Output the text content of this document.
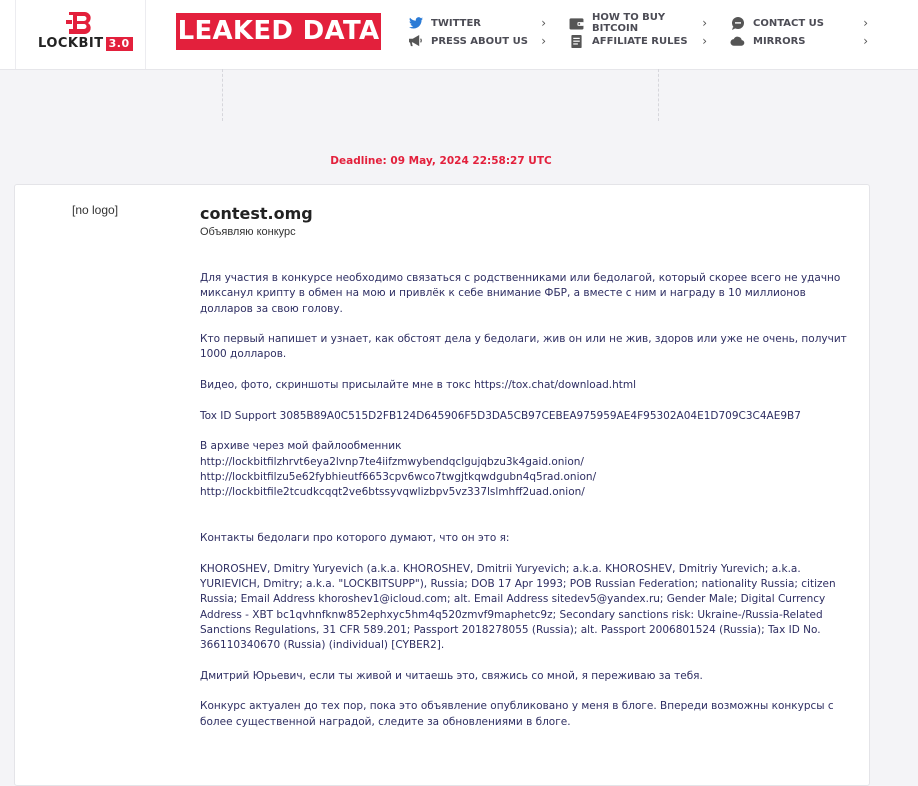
LOCKBIT 3.0 LEAKED DATA	TWITTER	›
PRESS ABOUT US ›
HOW TO BUY BITCOIN	›
AFFILIATE RULES ›
CONTACT US	›
MIRRORS	›
Deadline: 09 May, 2024 22:58:27 UTC
[no logo]	contest.omg
Объявляю конкурс

Для участия в конкурсе необходимо связаться с родственниками или бедолагой, который скорее всего не удачно миксанул крипту в обмен на мою и привлёк к себе внимание ФБР, а вместе с ним и награду в 10 миллионов долларов за свою голову.

Кто первый напишет и узнает, как обстоят дела у бедолаги, жив он или не жив, здоров или уже не очень, получит 1000 долларов.

Видео, фото, скриншоты присылайте мне в токс https://tox.chat/download.html

Tox ID Support 3085B89A0C515D2FB124D645906F5D3DA5CB97CEBEA975959AE4F95302A04E1D709C3C4AE9B7

В архиве через мой файлообменник
http://lockbitfilzhrvt6eya2lvnp7te4iifzmwybendqclgujqbzu3k4gaid.onion/
http://lockbitfilzu5e62fybhieutf6653cpv6wco7twgjtkqwdgubn4q5rad.onion/

http://lockbitfile2tcudkcqqt2ve6btssyvqwlizbpv5vz337lslmhff2uad.onion/

Контакты бедолаги про которого думают, что он это я:

KHOROSHEV, Dmitry Yuryevich (a.k.a. KHOROSHEV, Dmitrii Yuryevich; a.k.a. KHOROSHEV, Dmitriy Yurevich; a.k.a. YURIEVICH, Dmitry; a.k.a. "LOCKBITSUPP"), Russia; DOB 17 Apr 1993; POB Russian Federation; nationality Russia; citizen Russia; Email Address khoroshev1@icloud.com; alt. Email Address sitedev5@yandex.ru; Gender Male; Digital Currency Address - XBT bc1qvhnfknw852ephxyc5hm4q520zmvf9maphetc9z; Secondary sanctions risk: Ukraine-/Russia-Related Sanctions Regulations, 31 CFR 589.201; Passport 2018278055 (Russia); alt. Passport 2006801524 (Russia); Tax ID No. 366110340670 (Russia) (individual) [CYBER2].

Дмитрий Юрьевич, если ты живой и читаешь это, свяжись со мной, я переживаю за тебя.

Конкурс актуален до тех пор, пока это объявление опубликовано у меня в блоге. Впереди возможны конкурсы с более существенной наградой, следите за обновлениями в блоге.
